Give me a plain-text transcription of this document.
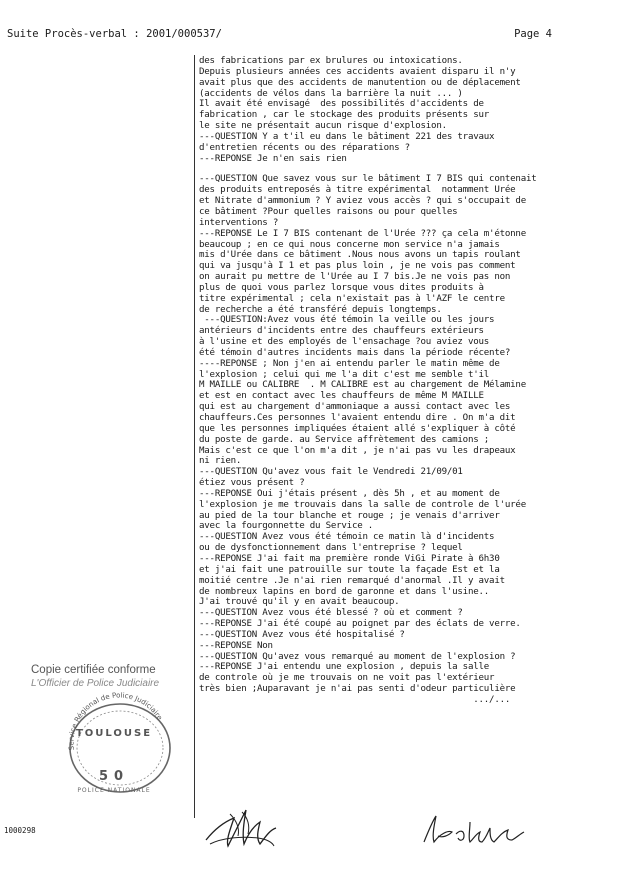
Suite Procès-verbal : 2001/000537/	Page 4
des fabrications par ex brulures ou intoxications.
Depuis plusieurs années ces accidents avaient disparu il n'y
avait plus que des accidents de manutention ou de déplacement
(accidents de vélos dans la barrière la nuit ... )
Il avait été envisagé  des possibilités d'accidents de
fabrication , car le stockage des produits présents sur
le site ne présentait aucun risque d'explosion.
---QUESTION Y a t'il eu dans le bâtiment 221 des travaux
d'entretien récents ou des réparations ?
---REPONSE Je n'en sais rien
---QUESTION Que savez vous sur le bâtiment I 7 BIS qui contenait
des produits entreposés à titre expérimental  notamment Urée
et Nitrate d'ammonium ? Y aviez vous accès ? qui s'occupait de
ce bâtiment ?Pour quelles raisons ou pour quelles
interventions ?
---REPONSE Le I 7 BIS contenant de l'Urée ??? ça cela m'étonne
beaucoup ; en ce qui nous concerne mon service n'a jamais
mis d'Urée dans ce bâtiment .Nous nous avons un tapis roulant
qui va jusqu'à I 1 et pas plus loin , je ne vois pas comment
on aurait pu mettre de l'Urée au I 7 bis.Je ne vois pas non
plus de quoi vous parlez lorsque vous dites produits à
titre expérimental ; cela n'existait pas à l'AZF le centre
de recherche a été transféré depuis longtemps.
---QUESTION:Avez vous été témoin la veille ou les jours
antérieurs d'incidents entre des chauffeurs extérieurs
à l'usine et des employés de l'ensachage ?ou aviez vous
été témoin d'autres incidents mais dans la période récente?
----REPONSE ; Non j'en ai entendu parler le matin même de
l'explosion ; celui qui me l'a dit c'est me semble t'il
M MAILLE ou CALIBRE  . M CALIBRE est au chargement de Mélamine
et est en contact avec les chauffeurs de même M MAILLE
qui est au chargement d'ammoniaque a aussi contact avec les
chauffeurs.Ces personnes l'avaient entendu dire . On m'a dit
que les personnes impliquées étaient allé s'expliquer à côté
du poste de garde. au Service affrètement des camions ;
Mais c'est ce que l'on m'a dit , je n'ai pas vu les drapeaux
ni rien.
---QUESTION Qu'avez vous fait le Vendredi 21/09/01
étiez vous présent ?
---REPONSE Oui j'étais présent , dès 5h , et au moment de
l'explosion je me trouvais dans la salle de controle de l'urée
au pied de la tour blanche et rouge ; je venais d'arriver
avec la fourgonnette du Service .
---QUESTION Avez vous été témoin ce matin là d'incidents
ou de dysfonctionnement dans l'entreprise ? lequel
---REPONSE J'ai fait ma première ronde ViGi Pirate à 6h30
et j'ai fait une patrouille sur toute la façade Est et la
moitié centre .Je n'ai rien remarqué d'anormal .Il y avait
de nombreux lapins en bord de garonne et dans l'usine..
J'ai trouvé qu'il y en avait beaucoup.
---QUESTION Avez vous été blessé ? où et comment ?
---REPONSE J'ai été coupé au poignet par des éclats de verre.
---QUESTION Avez vous été hospitalisé ?
---REPONSE Non
---QUESTION Qu'avez vous remarqué au moment de l'explosion ?
---REPONSE J'ai entendu une explosion , depuis la salle
de controle où je me trouvais on ne voit pas l'extérieur
très bien ;Auparavant je n'ai pas senti d'odeur particulière
.../...
Copie certifiée conforme
L'Officier de Police Judiciaire
Service Régional de Police Judiciaire
TOULOUSE
50
POLICE NATIONALE
1000298
